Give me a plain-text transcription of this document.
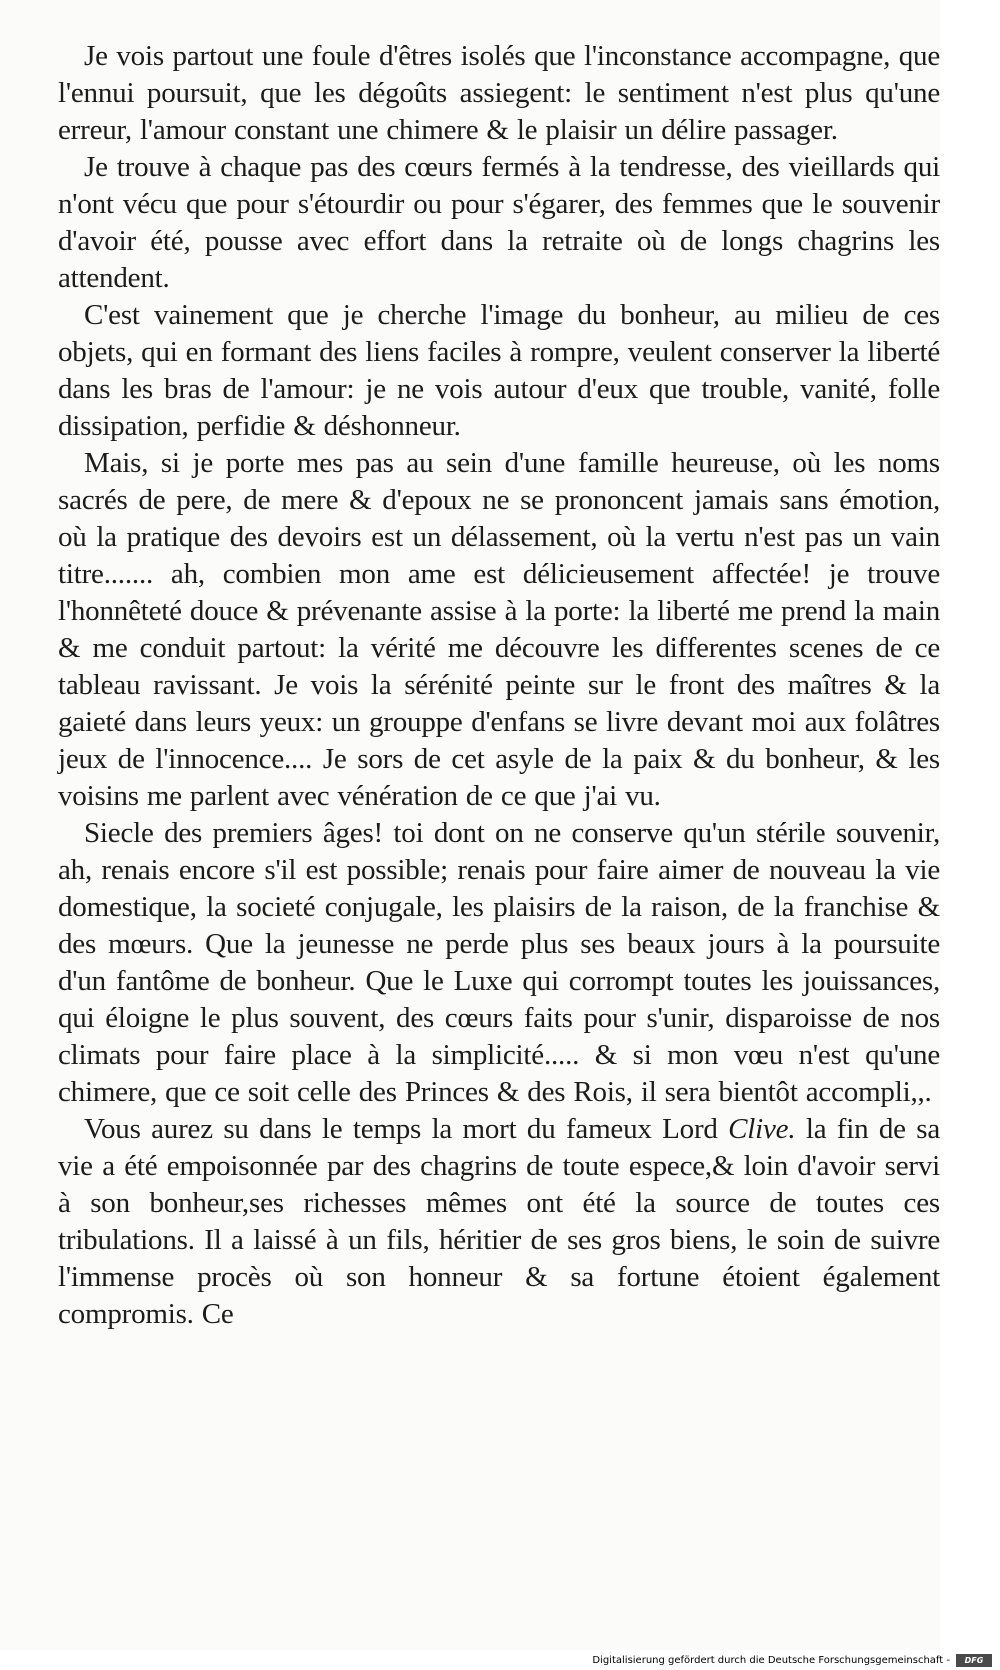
Je vois partout une foule d'êtres isolés que l'inconstance accompagne, que l'ennui poursuit, que les dégoûts assiegent: le sentiment n'est plus qu'une erreur, l'amour constant une chimere & le plaisir un délire passager.

Je trouve à chaque pas des cœurs fermés à la tendresse, des vieillards qui n'ont vécu que pour s'étourdir ou pour s'égarer, des femmes que le souvenir d'avoir été, pousse avec effort dans la retraite où de longs chagrins les attendent.

C'est vainement que je cherche l'image du bonheur, au milieu de ces objets, qui en formant des liens faciles à rompre, veulent conserver la liberté dans les bras de l'amour: je ne vois autour d'eux que trouble, vanité, folle dissipation, perfidie & déshonneur.

Mais, si je porte mes pas au sein d'une famille heureuse, où les noms sacrés de pere, de mere & d'epoux ne se prononcent jamais sans émotion, où la pratique des devoirs est un délassement, où la vertu n'est pas un vain titre....... ah, combien mon ame est délicieusement affectée! je trouve l'honnêteté douce & prévenante assise à la porte: la liberté me prend la main & me conduit partout: la vérité me découvre les differentes scenes de ce tableau ravissant. Je vois la sérénité peinte sur le front des maîtres & la gaieté dans leurs yeux: un grouppe d'enfans se livre devant moi aux folâtres jeux de l'innocence.... Je sors de cet asyle de la paix & du bonheur, & les voisins me parlent avec vénération de ce que j'ai vu.

Siecle des premiers âges! toi dont on ne conserve qu'un stérile souvenir, ah, renais encore s'il est possible; renais pour faire aimer de nouveau la vie domestique, la societé conjugale, les plaisirs de la raison, de la franchise & des mœurs. Que la jeunesse ne perde plus ses beaux jours à la poursuite d'un fantôme de bonheur. Que le Luxe qui corrompt toutes les jouissances, qui éloigne le plus souvent, des cœurs faits pour s'unir, disparoisse de nos climats pour faire place à la simplicité..... & si mon vœu n'est qu'une chimere, que ce soit celle des Princes & des Rois, il sera bientôt accompli,,.

Vous aurez su dans le temps la mort du fameux Lord Clive. la fin de sa vie a été empoisonnée par des chagrins de toute espece,& loin d'avoir servi à son bonheur,ses richesses mêmes ont été la source de toutes ces tribulations. Il a laissé à un fils, héritier de ses gros biens, le soin de suivre l'immense procès où son honneur & sa fortune étoient également compromis. Ce

Digitalisierung gefördert durch die Deutsche Forschungsgemeinschaft -	DFG
